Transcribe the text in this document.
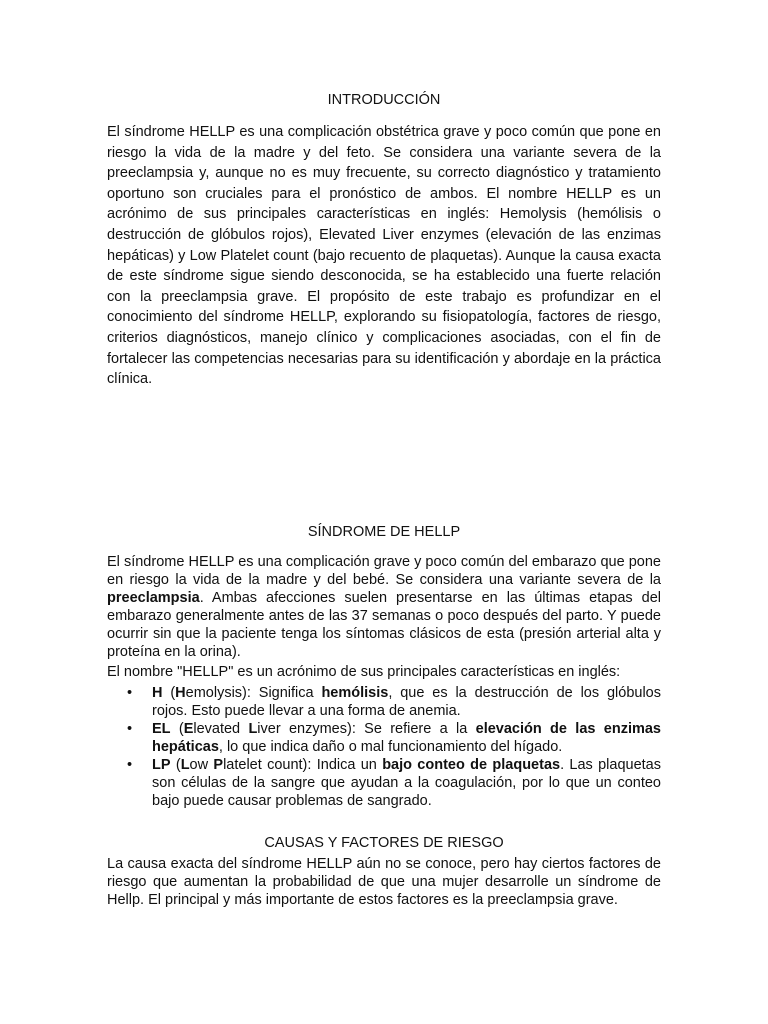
INTRODUCCIÓN

El síndrome HELLP es una complicación obstétrica grave y poco común que pone en riesgo la vida de la madre y del feto. Se considera una variante severa de la preeclampsia y, aunque no es muy frecuente, su correcto diagnóstico y tratamiento oportuno son cruciales para el pronóstico de ambos. El nombre HELLP es un acrónimo de sus principales características en inglés: Hemolysis (hemólisis o destrucción de glóbulos rojos), Elevated Liver enzymes (elevación de las enzimas hepáticas) y Low Platelet count (bajo recuento de plaquetas). Aunque la causa exacta de este síndrome sigue siendo desconocida, se ha establecido una fuerte relación con la preeclampsia grave. El propósito de este trabajo es profundizar en el conocimiento del síndrome HELLP, explorando su fisiopatología, factores de riesgo, criterios diagnósticos, manejo clínico y complicaciones asociadas, con el fin de fortalecer las competencias necesarias para su identificación y abordaje en la práctica clínica.

SÍNDROME DE HELLP

El síndrome HELLP es una complicación grave y poco común del embarazo que pone en riesgo la vida de la madre y del bebé. Se considera una variante severa de la preeclampsia. Ambas afecciones suelen presentarse en las últimas etapas del embarazo generalmente antes de las 37 semanas o poco después del parto. Y puede ocurrir sin que la paciente tenga los síntomas clásicos de esta (presión arterial alta y proteína en la orina).

El nombre "HELLP" es un acrónimo de sus principales características en inglés:

• H (Hemolysis): Significa hemólisis, que es la destrucción de los glóbulos rojos. Esto puede llevar a una forma de anemia.
• EL (Elevated Liver enzymes): Se refiere a la elevación de las enzimas hepáticas, lo que indica daño o mal funcionamiento del hígado.
• LP (Low Platelet count): Indica un bajo conteo de plaquetas. Las plaquetas son células de la sangre que ayudan a la coagulación, por lo que un conteo bajo puede causar problemas de sangrado.
CAUSAS Y FACTORES DE RIESGO

La causa exacta del síndrome HELLP aún no se conoce, pero hay ciertos factores de riesgo que aumentan la probabilidad de que una mujer desarrolle un síndrome de Hellp. El principal y más importante de estos factores es la preeclampsia grave.
